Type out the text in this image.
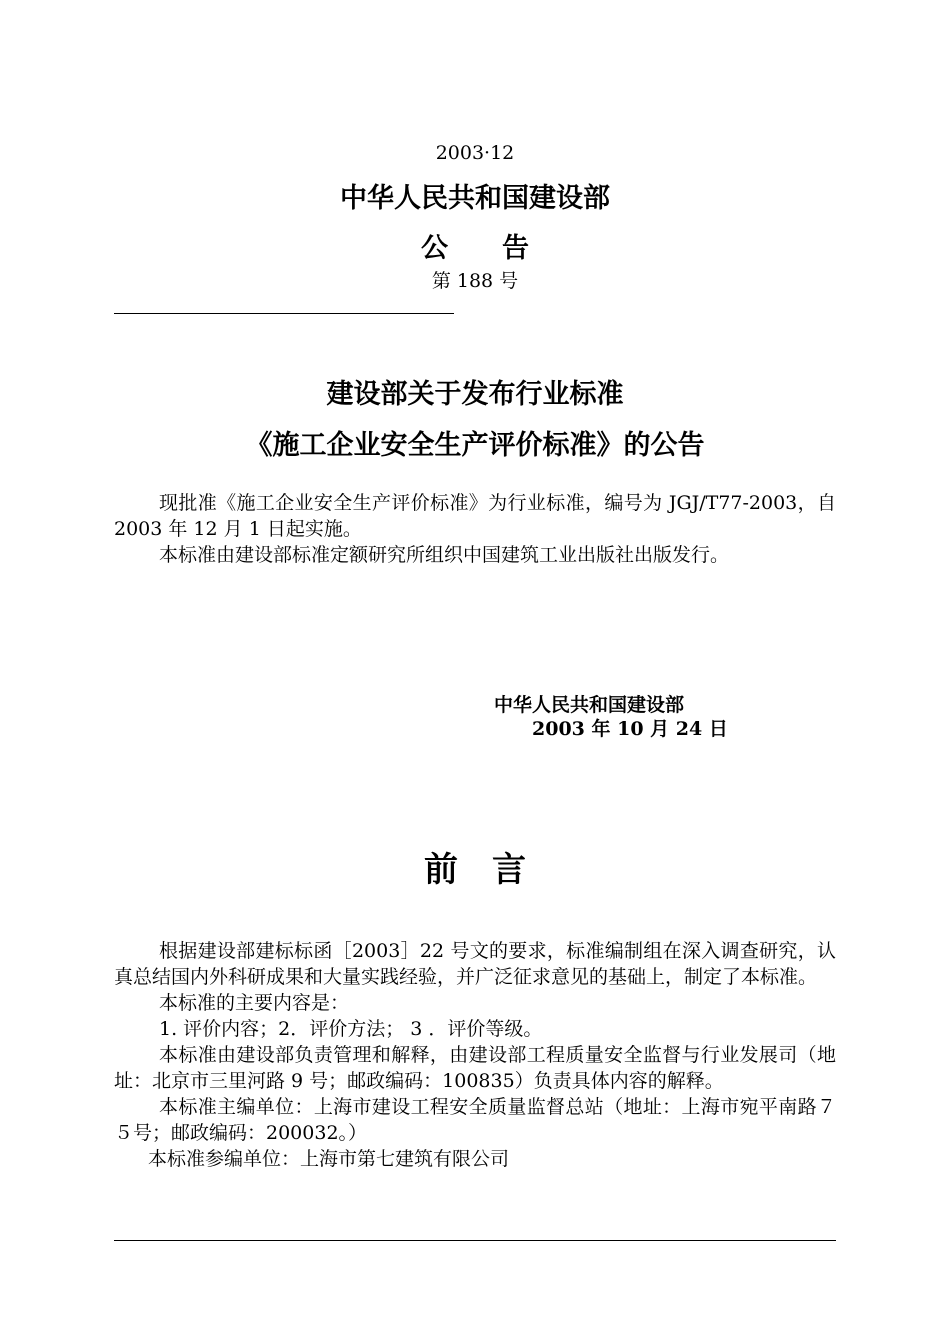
2003·12
中华人民共和国建设部
公　　告
第 188 号
建设部关于发布行业标准
《施工企业安全生产评价标准》的公告

现批准《施工企业安全生产评价标准》为行业标准，编号为 JGJ/T77-2003，自 2003 年 12 月 1 日起实施。

本标准由建设部标准定额研究所组织中国建筑工业出版社出版发行。

中华人民共和国建设部
2003 年 10 月 24 日
前　言

根据建设部建标标函［2003］22 号文的要求，标准编制组在深入调查研究，认真总结国内外科研成果和大量实践经验，并广泛征求意见的基础上，制定了本标准。

本标准的主要内容是：

1. 评价内容；2．评价方法； 3 ．评价等级。

本标准由建设部负责管理和解释，由建设部工程质量安全监督与行业发展司（地址：北京市三里河路 9 号；邮政编码：100835）负责具体内容的解释。

本标准主编单位：上海市建设工程安全质量监督总站（地址：上海市宛平南路７５号；邮政编码：200032。）

本标准参编单位：上海市第七建筑有限公司
